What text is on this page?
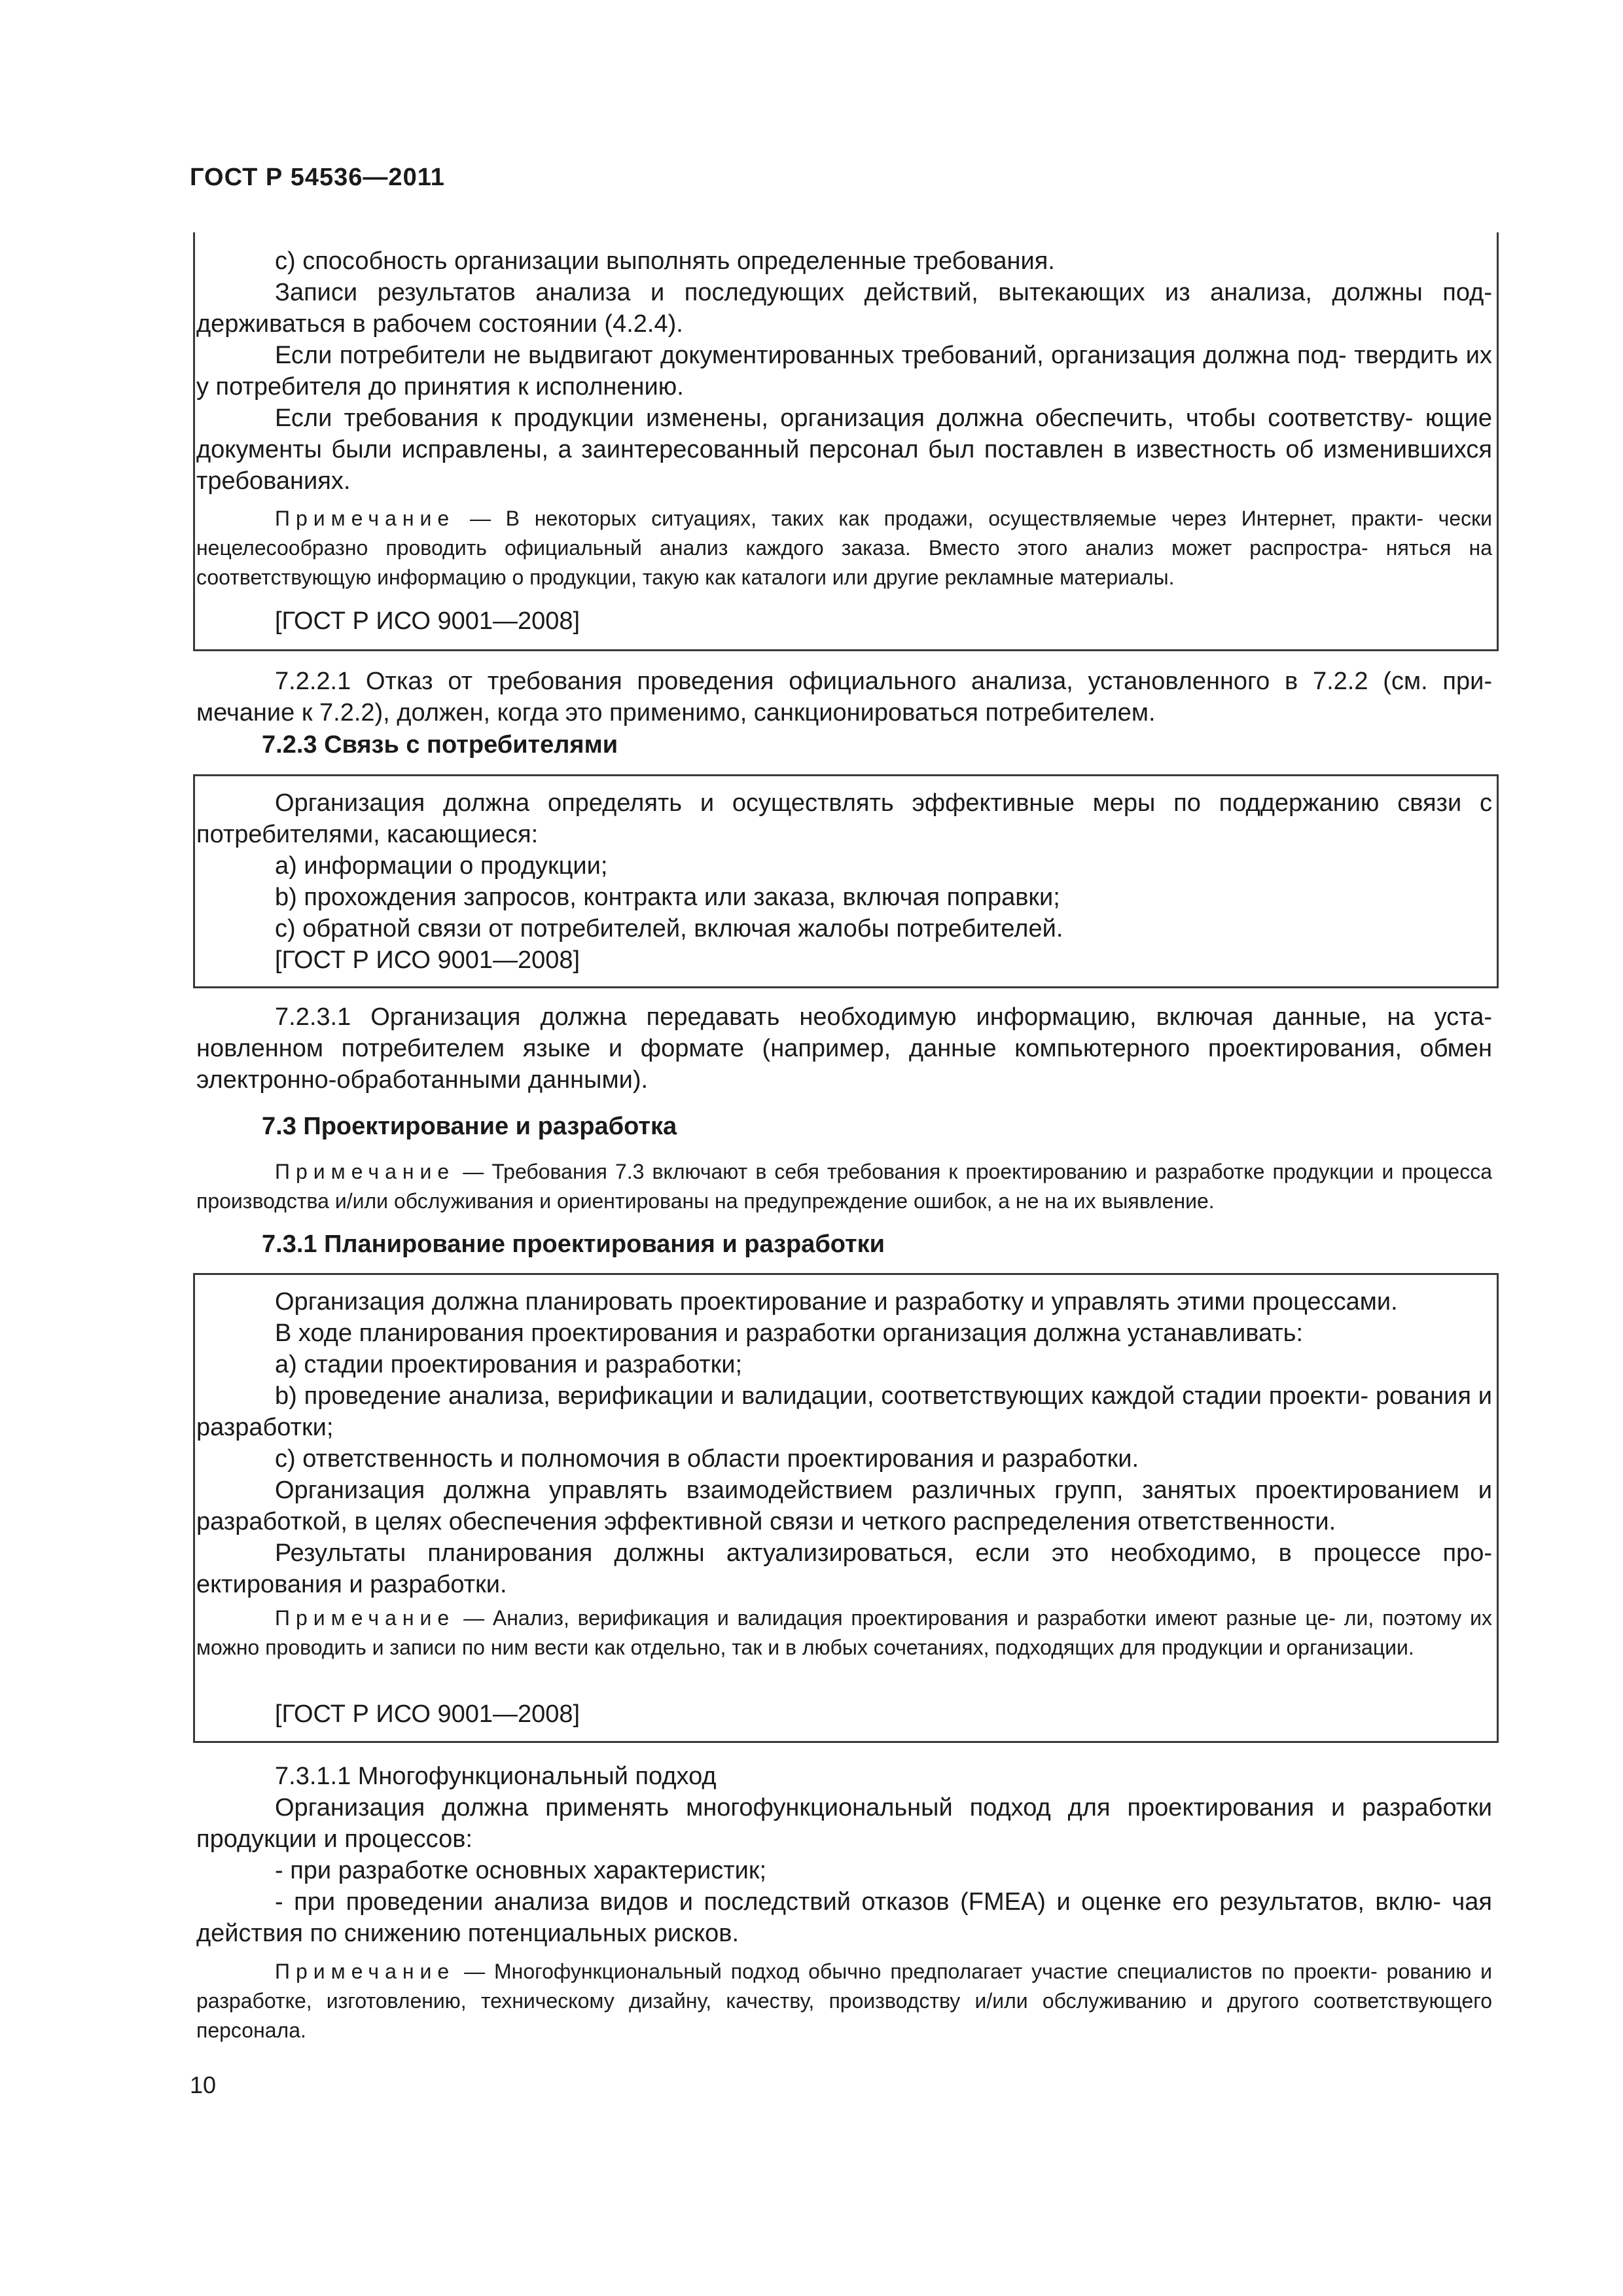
ГОСТ Р 54536—2011
с) способность организации выполнять определенные требования.
Записи результатов анализа и последующих действий, вытекающих из анализа, должны под- держиваться в рабочем состоянии (4.2.4).
Если потребители не выдвигают документированных требований, организация должна под- твердить их у потребителя до принятия к исполнению.
Если требования к продукции изменены, организация должна обеспечить, чтобы соответству- ющие документы были исправлены, а заинтересованный персонал был поставлен в известность об изменившихся требованиях.
Примечание — В некоторых ситуациях, таких как продажи, осуществляемые через Интернет, практи- чески нецелесообразно проводить официальный анализ каждого заказа. Вместо этого анализ может распростра- няться на соответствующую информацию о продукции, такую как каталоги или другие рекламные материалы.
[ГОСТ Р ИСО 9001—2008]
7.2.2.1 Отказ от требования проведения официального анализа, установленного в 7.2.2 (см. при- мечание к 7.2.2), должен, когда это применимо, санкционироваться потребителем.
7.2.3 Связь с потребителями
Организация должна определять и осуществлять эффективные меры по поддержанию связи с потребителями, касающиеся:
а) информации о продукции;
b) прохождения запросов, контракта или заказа, включая поправки;
с) обратной связи от потребителей, включая жалобы потребителей.
[ГОСТ Р ИСО 9001—2008]
7.2.3.1 Организация должна передавать необходимую информацию, включая данные, на уста- новленном потребителем языке и формате (например, данные компьютерного проектирования, обмен электронно-обработанными данными).
7.3 Проектирование и разработка
Примечание — Требования 7.3 включают в себя требования к проектированию и разработке продукции и процесса производства и/или обслуживания и ориентированы на предупреждение ошибок, а не на их выявление.
7.3.1 Планирование проектирования и разработки
Организация должна планировать проектирование и разработку и управлять этими процессами.
В ходе планирования проектирования и разработки организация должна устанавливать:
а) стадии проектирования и разработки;
b) проведение анализа, верификации и валидации, соответствующих каждой стадии проекти- рования и разработки;
с) ответственность и полномочия в области проектирования и разработки.
Организация должна управлять взаимодействием различных групп, занятых проектированием и разработкой, в целях обеспечения эффективной связи и четкого распределения ответственности.
Результаты планирования должны актуализироваться, если это необходимо, в процессе про- ектирования и разработки.
Примечание — Анализ, верификация и валидация проектирования и разработки имеют разные це- ли, поэтому их можно проводить и записи по ним вести как отдельно, так и в любых сочетаниях, подходящих для продукции и организации.
[ГОСТ Р ИСО 9001—2008]
7.3.1.1 Многофункциональный подход
Организация должна применять многофункциональный подход для проектирования и разработки продукции и процессов:
- при разработке основных характеристик;
- при проведении анализа видов и последствий отказов (FMEA) и оценке его результатов, вклю- чая действия по снижению потенциальных рисков.
Примечание — Многофункциональный подход обычно предполагает участие специалистов по проекти- рованию и разработке, изготовлению, техническому дизайну, качеству, производству и/или обслуживанию и другого соответствующего персонала.
10
